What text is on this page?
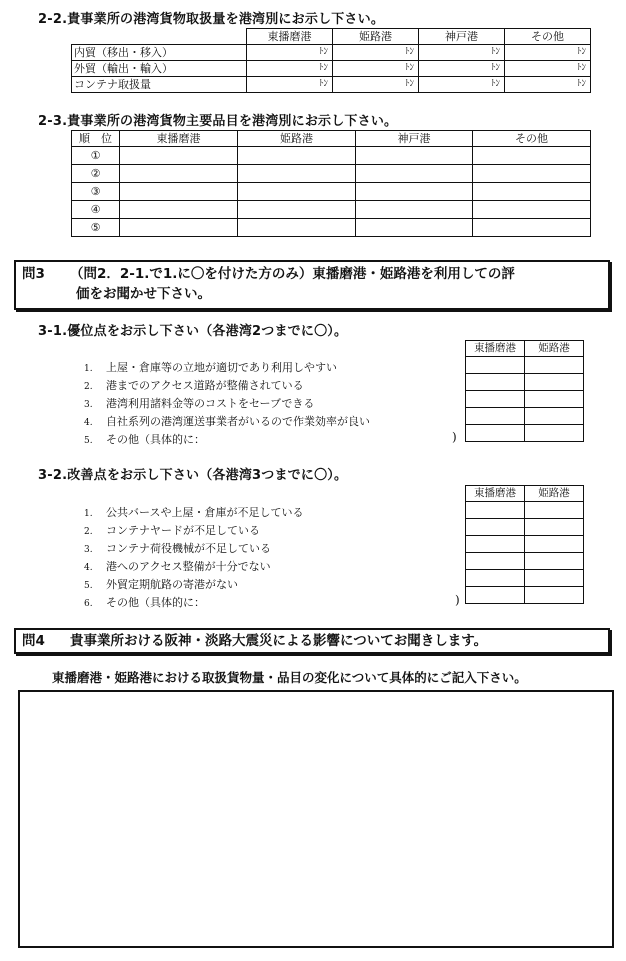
2-2.貴事業所の港湾貨物取扱量を港湾別にお示し下さい。
	東播磨港	姫路港	神戸港	その他
内貿（移出・移入）	ﾄﾝ	ﾄﾝ	ﾄﾝ	ﾄﾝ
外貿（輸出・輸入）	ﾄﾝ	ﾄﾝ	ﾄﾝ	ﾄﾝ
コンテナ取扱量	ﾄﾝ	ﾄﾝ	ﾄﾝ	ﾄﾝ
2-3.貴事業所の港湾貨物主要品目を港湾別にお示し下さい。
順　位	東播磨港	姫路港	神戸港	その他
①				
②				
③				
④				
⑤				
問3 （問2．2-1.で1.に〇を付けた方のみ）東播磨港・姫路港を利用しての評
価をお聞かせ下さい。
3-1.優位点をお示し下さい（各港湾2つまでに〇）。
東播磨港	姫路港

1. 上屋・倉庫等の立地が適切であり利用しやすい
2. 港までのアクセス道路が整備されている
3. 港湾利用諸料金等のコストをセーブできる
4. 自社系列の港湾運送事業者がいるので作業効率が良い
5. その他（具体的に：	)
3-2.改善点をお示し下さい（各港湾3つまでに〇）。
東播磨港	姫路港

1. 公共バースや上屋・倉庫が不足している
2. コンテナヤードが不足している
3. コンテナ荷役機械が不足している
4. 港へのアクセス整備が十分でない
5. 外貿定期航路の寄港がない
6. その他（具体的に：	)
問4 貴事業所おける阪神・淡路大震災による影響についてお聞きします。
東播磨港・姫路港における取扱貨物量・品目の変化について具体的にご記入下さい。
